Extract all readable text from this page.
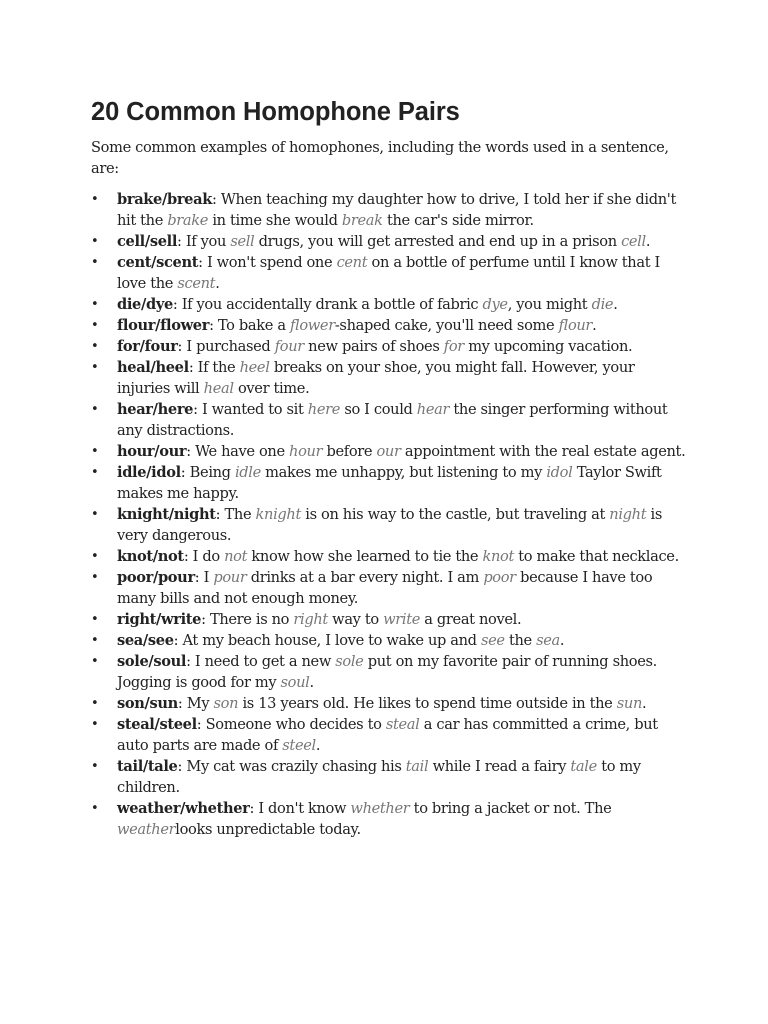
20 Common Homophone Pairs

Some common examples of homophones, including the words used in a sentence, are:

• brake/break: When teaching my daughter how to drive, I told her if she didn't hit the brake in time she would break the car's side mirror.
• cell/sell: If you sell drugs, you will get arrested and end up in a prison cell.
• cent/scent: I won't spend one cent on a bottle of perfume until I know that I love the scent.
• die/dye: If you accidentally drank a bottle of fabric dye, you might die.
• flour/flower: To bake a flower-shaped cake, you'll need some flour.
• for/four: I purchased four new pairs of shoes for my upcoming vacation.
• heal/heel: If the heel breaks on your shoe, you might fall. However, your injuries will heal over time.
• hear/here: I wanted to sit here so I could hear the singer performing without any distractions.
• hour/our: We have one hour before our appointment with the real estate agent.
• idle/idol: Being idle makes me unhappy, but listening to my idol Taylor Swift makes me happy.
• knight/night: The knight is on his way to the castle, but traveling at night is very dangerous.
• knot/not: I do not know how she learned to tie the knot to make that necklace.
• poor/pour: I pour drinks at a bar every night. I am poor because I have too many bills and not enough money.
• right/write: There is no right way to write a great novel.
• sea/see: At my beach house, I love to wake up and see the sea.
• sole/soul: I need to get a new sole put on my favorite pair of running shoes. Jogging is good for my soul.
• son/sun: My son is 13 years old. He likes to spend time outside in the sun.
• steal/steel: Someone who decides to steal a car has committed a crime, but auto parts are made of steel.
• tail/tale: My cat was crazily chasing his tail while I read a fairy tale to my children.
• weather/whether: I don't know whether to bring a jacket or not. The weatherlooks unpredictable today.
